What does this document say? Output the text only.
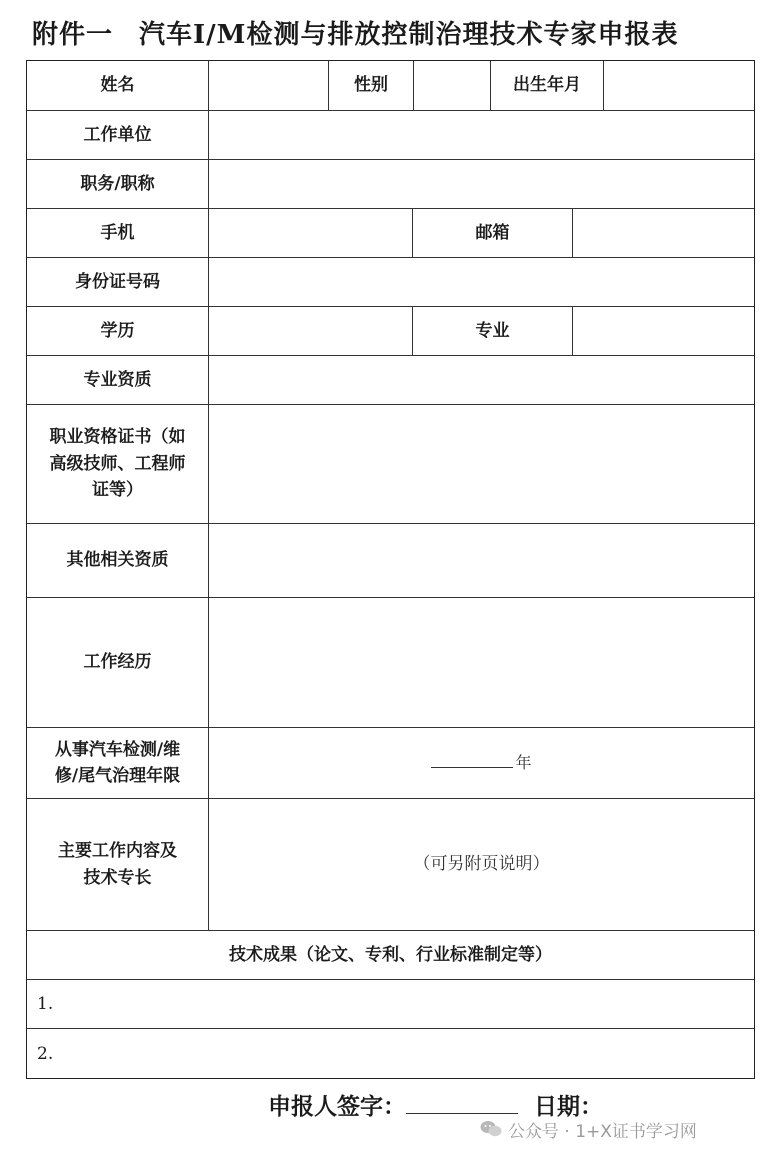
附件一 汽车I/M检测与排放控制治理技术专家申报表
姓名	性别	出生年月
工作单位
职务/职称
手机	邮箱
身份证号码
学历	专业
专业资质
职业资格证书（如
高级技师、工程师
证等）
其他相关资质
工作经历
从事汽车检测/维
修/尾气治理年限
年
主要工作内容及
技术专长
（可另附页说明）
技术成果（论文、专利、行业标准制定等）
1.
2.
申报人签字：	日期：
公众号 · 1+X证书学习网
